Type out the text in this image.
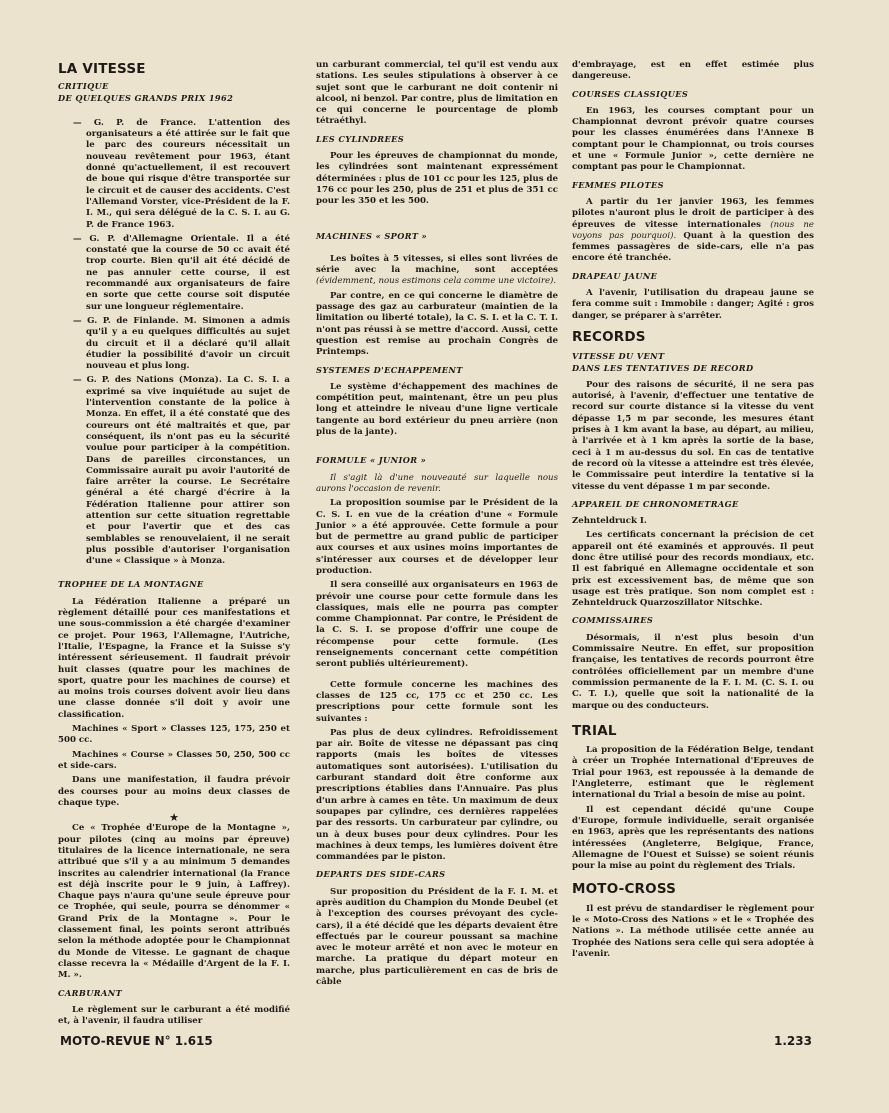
LA VITESSE
CRITIQUE
DE QUELQUES GRANDS PRIX 1962

— G. P. de France. L'attention des organisateurs a été attirée sur le fait que le parc des coureurs nécessitait un nouveau revêtement pour 1963, étant donné qu'actuellement, il est recouvert de boue qui risque d'être transportée sur le circuit et de causer des accidents. C'est l'Allemand Vorster, vice-Président de la F. I. M., qui sera délégué de la C. S. I. au G. P. de France 1963.

— G. P. d'Allemagne Orientale. Il a été constaté que la course de 50 cc avait été trop courte. Bien qu'il ait été décidé de ne pas annuler cette course, il est recommandé aux organisateurs de faire en sorte que cette course soit disputée sur une longueur réglementaire.

— G. P. de Finlande. M. Simonen a admis qu'il y a eu quelques difficultés au sujet du circuit et il a déclaré qu'il allait étudier la possibilité d'avoir un circuit nouveau et plus long.

— G. P. des Nations (Monza). La C. S. I. a exprimé sa vive inquiétude au sujet de l'intervention constante de la police à Monza. En effet, il a été constaté que des coureurs ont été maltraités et que, par conséquent, ils n'ont pas eu la sécurité voulue pour participer à la compétition. Dans de pareilles circonstances, un Commissaire aurait pu avoir l'autorité de faire arrêter la course. Le Secrétaire général a été chargé d'écrire à la Fédération Italienne pour attirer son attention sur cette situation regrettable et pour l'avertir que et des cas semblables se renouvelaient, il ne serait plus possible d'autoriser l'organisation d'une « Classique » à Monza.

TROPHEE DE LA MONTAGNE

La Fédération Italienne a préparé un règlement détaillé pour ces manifestations et une sous-commission a été chargée d'examiner ce projet. Pour 1963, l'Allemagne, l'Autriche, l'Italie, l'Espagne, la France et la Suisse s'y intéressent sérieusement. Il faudrait prévoir huit classes (quatre pour les machines de sport, quatre pour les machines de course) et au moins trois courses doivent avoir lieu dans une classe donnée s'il doit y avoir une classification.

Machines « Sport » Classes 125, 175, 250 et 500 cc.

Machines « Course » Classes 50, 250, 500 cc et side-cars.

Dans une manifestation, il faudra prévoir des courses pour au moins deux classes de chaque type.

★

Ce « Trophée d'Europe de la Montagne », pour pilotes (cinq au moins par épreuve) titulaires de la licence internationale, ne sera attribué que s'il y a au minimum 5 demandes inscrites au calendrier international (la France est déjà inscrite pour le 9 juin, à Laffrey). Chaque pays n'aura qu'une seule épreuve pour ce Trophée, qui seule, pourra se dénommer « Grand Prix de la Montagne ». Pour le classement final, les points seront attribués selon la méthode adoptée pour le Championnat du Monde de Vitesse. Le gagnant de chaque classe recevra la « Médaille d'Argent de la F. I. M. ».

CARBURANT

Le règlement sur le carburant a été modifié et, à l'avenir, il faudra utiliser

un carburant commercial, tel qu'il est vendu aux stations. Les seules stipulations à observer à ce sujet sont que le carburant ne doit contenir ni alcool, ni benzol. Par contre, plus de limitation en ce qui concerne le pourcentage de plomb tétraéthyl.

LES CYLINDREES

Pour les épreuves de championnat du monde, les cylindrées sont maintenant expressément déterminées : plus de 101 cc pour les 125, plus de 176 cc pour les 250, plus de 251 et plus de 351 cc pour les 350 et les 500.

MACHINES « SPORT »

Les boîtes à 5 vitesses, si elles sont livrées de série avec la machine, sont acceptées (évidemment, nous estimons cela comme une victoire).

Par contre, en ce qui concerne le diamètre de passage des gaz au carburateur (maintien de la limitation ou liberté totale), la C. S. I. et la C. T. I. n'ont pas réussi à se mettre d'accord. Aussi, cette question est remise au prochain Congrès de Printemps.

SYSTEMES D'ECHAPPEMENT

Le système d'échappement des machines de compétition peut, maintenant, être un peu plus long et atteindre le niveau d'une ligne verticale tangente au bord extérieur du pneu arrière (non plus de la jante).

FORMULE « JUNIOR »

Il s'agit là d'une nouveauté sur laquelle nous aurons l'occasion de revenir.

La proposition soumise par le Président de la C. S. I. en vue de la création d'une « Formule Junior » a été approuvée. Cette formule a pour but de permettre au grand public de participer aux courses et aux usines moins importantes de s'intéresser aux courses et de développer leur production.

Il sera conseillé aux organisateurs en 1963 de prévoir une course pour cette formule dans les classiques, mais elle ne pourra pas compter comme Championnat. Par contre, le Président de la C. S. I. se propose d'offrir une coupe de récompense pour cette formule. (Les renseignements concernant cette compétition seront publiés ultérieurement).

Cette formule concerne les machines des classes de 125 cc, 175 cc et 250 cc. Les prescriptions pour cette formule sont les suivantes :

Pas plus de deux cylindres. Refroidissement par air. Boîte de vitesse ne dépassant pas cinq rapports (mais les boîtes de vitesses automatiques sont autorisées). L'utilisation du carburant standard doit être conforme aux prescriptions établies dans l'Annuaire. Pas plus d'un arbre à cames en tête. Un maximum de deux soupapes par cylindre, ces dernières rappelées par des ressorts. Un carburateur par cylindre, ou un à deux buses pour deux cylindres. Pour les machines à deux temps, les lumières doivent être commandées par le piston.

DEPARTS DES SIDE-CARS

Sur proposition du Président de la F. I. M. et après audition du Champion du Monde Deubel (et à l'exception des courses prévoyant des cycle-cars), il a été décidé que les départs devaient être effectués par le coureur poussant sa machine avec le moteur arrêté et non avec le moteur en marche. La pratique du départ moteur en marche, plus particulièrement en cas de bris de câble

d'embrayage, est en effet estimée plus dangereuse.

COURSES CLASSIQUES

En 1963, les courses comptant pour un Championnat devront prévoir quatre courses pour les classes énumérées dans l'Annexe B comptant pour le Championnat, ou trois courses et une « Formule Junior », cette dernière ne comptant pas pour le Championnat.

FEMMES PILOTES

A partir du 1er janvier 1963, les femmes pilotes n'auront plus le droit de participer à des épreuves de vitesse internationales (nous ne voyons pas pourquoi). Quant à la question des femmes passagères de side-cars, elle n'a pas encore été tranchée.

DRAPEAU JAUNE

A l'avenir, l'utilisation du drapeau jaune se fera comme suit : Immobile : danger; Agité : gros danger, se préparer à s'arrêter.

RECORDS
VITESSE DU VENT
DANS LES TENTATIVES DE RECORD

Pour des raisons de sécurité, il ne sera pas autorisé, à l'avenir, d'effectuer une tentative de record sur courte distance si la vitesse du vent dépasse 1,5 m par seconde, les mesures étant prises à 1 km avant la base, au départ, au milieu, à l'arrivée et à 1 km après la sortie de la base, ceci à 1 m au-dessus du sol. En cas de tentative de record où la vitesse a atteindre est très élevée, le Commissaire peut interdire la tentative si la vitesse du vent dépasse 1 m par seconde.

APPAREIL DE CHRONOMETRAGE

Zehnteldruck I.

Les certificats concernant la précision de cet appareil ont été examinés et approuvés. Il peut donc être utilisé pour des records mondiaux, etc. Il est fabriqué en Allemagne occidentale et son prix est excessivement bas, de même que son usage est très pratique. Son nom complet est : Zehnteldruck Quarzoszillator Nitschke.

COMMISSAIRES

Désormais, il n'est plus besoin d'un Commissaire Neutre. En effet, sur proposition française, les tentatives de records pourront être contrôlées officiellement par un membre d'une commission permanente de la F. I. M. (C. S. I. ou C. T. I.), quelle que soit la nationalité de la marque ou des conducteurs.

TRIAL

La proposition de la Fédération Belge, tendant à créer un Trophée International d'Epreuves de Trial pour 1963, est repoussée à la demande de l'Angleterre, estimant que le règlement international du Trial a besoin de mise au point.

Il est cependant décidé qu'une Coupe d'Europe, formule individuelle, serait organisée en 1963, après que les représentants des nations intéressées (Angleterre, Belgique, France, Allemagne de l'Ouest et Suisse) se soient réunis pour la mise au point du règlement des Trials.

MOTO-CROSS

Il est prévu de standardiser le règlement pour le « Moto-Cross des Nations » et le « Trophée des Nations ». La méthode utilisée cette année au Trophée des Nations sera celle qui sera adoptée à l'avenir.

MOTO-REVUE N° 1.615	1.233
